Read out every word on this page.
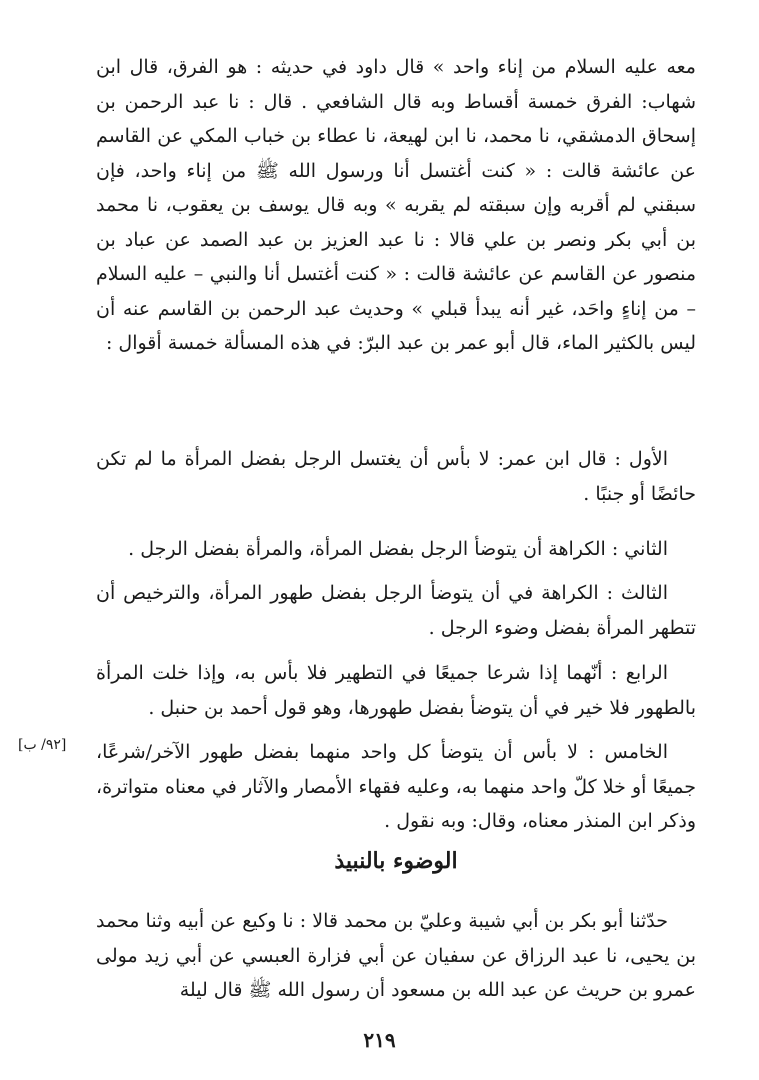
معه عليه السلام من إناء واحد » قال داود في حديثه : هو الفرق، قال ابن شهاب: الفرق خمسة أقساط وبه قال الشافعي . قال : نا عبد الرحمن بن إسحاق الدمشقي، نا محمد، نا ابن لهيعة، نا عطاء بن خباب المكي عن القاسم عن عائشة قالت : « كنت أغتسل أنا ورسول الله ﷺ من إناء واحد، فإن سبقني لم أقربه وإن سبقته لم يقربه » وبه قال يوسف بن يعقوب، نا محمد بن أبي بكر ونصر بن علي قالا : نا عبد العزيز بن عبد الصمد عن عباد بن منصور عن القاسم عن عائشة قالت : « كنت أغتسل أنا والنبي – عليه السلام – من إناءٍ واحَد، غير أنه يبدأ قبلي » وحديث عبد الرحمن بن القاسم عنه أن ليس بالكثير الماء، قال أبو عمر بن عبد البرّ: في هذه المسألة خمسة أقوال :

الأول : قال ابن عمر: لا بأس أن يغتسل الرجل بفضل المرأة ما لم تكن حائضًا أو جنبًا .

الثاني : الكراهة أن يتوضأ الرجل بفضل المرأة، والمرأة بفضل الرجل .

الثالث : الكراهة في أن يتوضأ الرجل بفضل طهور المرأة، والترخيص أن تتطهر المرأة بفضل وضوء الرجل .

الرابع : أنّهما إذا شرعا جميعًا في التطهير فلا بأس به، وإذا خلت المرأة بالطهور فلا خير في أن يتوضأ بفضل طهورها، وهو قول أحمد بن حنبل .

الخامس : لا بأس أن يتوضأ كل واحد منهما بفضل طهور الآخر/شرعًا، جميعًا أو خلا كلّ واحد منهما به، وعليه فقهاء الأمصار والآثار في معناه متواترة، وذكر ابن المنذر معناه، وقال: وبه نقول .

[٩٢/ ب]
الوضوء بالنبيذ

حدّثنا أبو بكر بن أبي شيبة وعليّ بن محمد قالا : نا وكيع عن أبيه وثنا محمد بن يحيى، نا عبد الرزاق عن سفيان عن أبي فزارة العبسي عن أبي زيد مولى عمرو بن حريث عن عبد الله بن مسعود أن رسول الله ﷺ قال ليلة

٢١٩
